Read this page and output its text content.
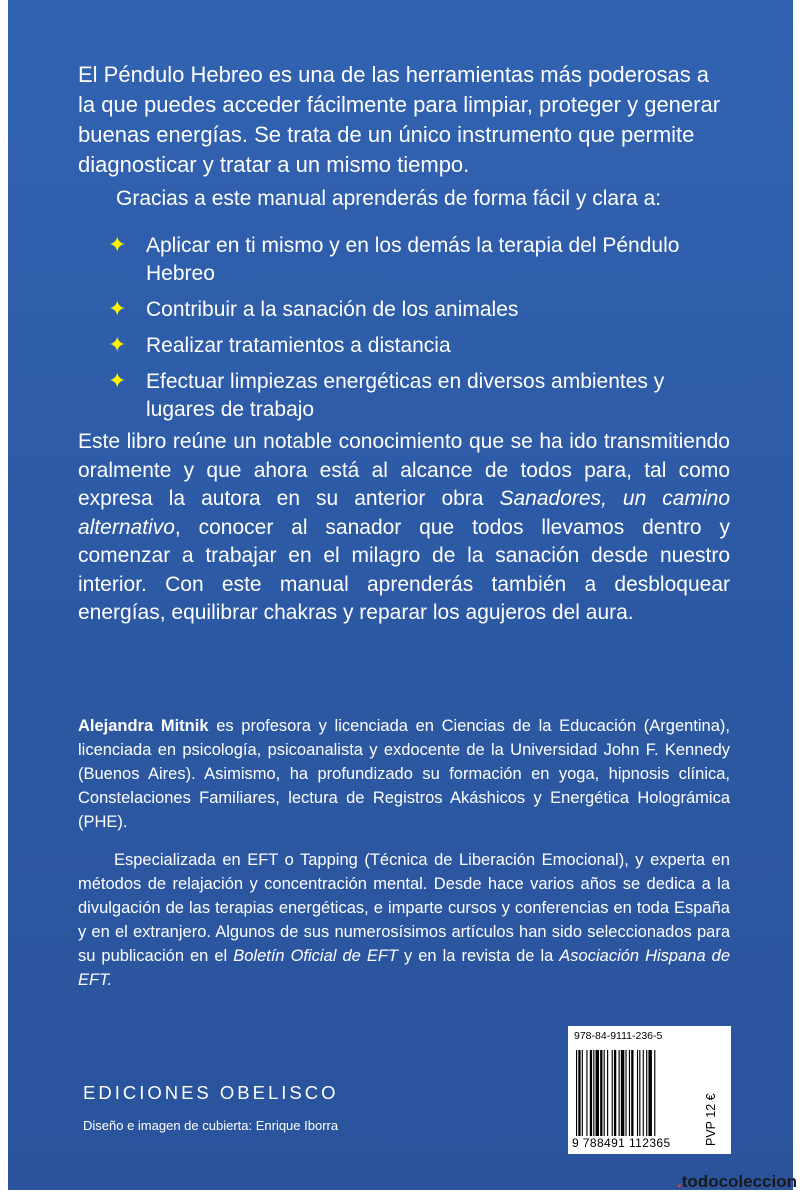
El Péndulo Hebreo es una de las herramientas más poderosas a la que puedes acceder fácilmente para limpiar, proteger y generar buenas energías. Se trata de un único instrumento que permite diagnosticar y tratar a un mismo tiempo.

Gracias a este manual aprenderás de forma fácil y clara a:

✦ Aplicar en ti mismo y en los demás la terapia del Péndulo Hebreo
✦ Contribuir a la sanación de los animales
✦ Realizar tratamientos a distancia
✦ Efectuar limpiezas energéticas en diversos ambientes y lugares de trabajo

Este libro reúne un notable conocimiento que se ha ido transmitiendo oralmente y que ahora está al alcance de todos para, tal como expresa la autora en su anterior obra Sanadores, un camino alternativo, conocer al sanador que todos llevamos dentro y comenzar a trabajar en el milagro de la sanación desde nuestro interior. Con este manual aprenderás también a desbloquear energías, equilibrar chakras y reparar los agujeros del aura.

Alejandra Mitnik es profesora y licenciada en Ciencias de la Educación (Argentina), licenciada en psicología, psicoanalista y exdocente de la Universidad John F. Kennedy (Buenos Aires). Asimismo, ha profundizado su formación en yoga, hipnosis clínica, Constelaciones Familiares, lectura de Registros Akáshicos y Energética Holográmica (PHE).

Especializada en EFT o Tapping (Técnica de Liberación Emocional), y experta en métodos de relajación y concentración mental. Desde hace varios años se dedica a la divulgación de las terapias energéticas, e imparte cursos y conferencias en toda España y en el extranjero. Algunos de sus numerosísimos artículos han sido seleccionados para su publicación en el Boletín Oficial de EFT y en la revista de la Asociación Hispana de EFT.

EDICIONES OBELISCO
Diseño e imagen de cubierta: Enrique Iborra
978-84-9111-236-5
9 788491 112365	PVP 12 €
.todocoleccion
